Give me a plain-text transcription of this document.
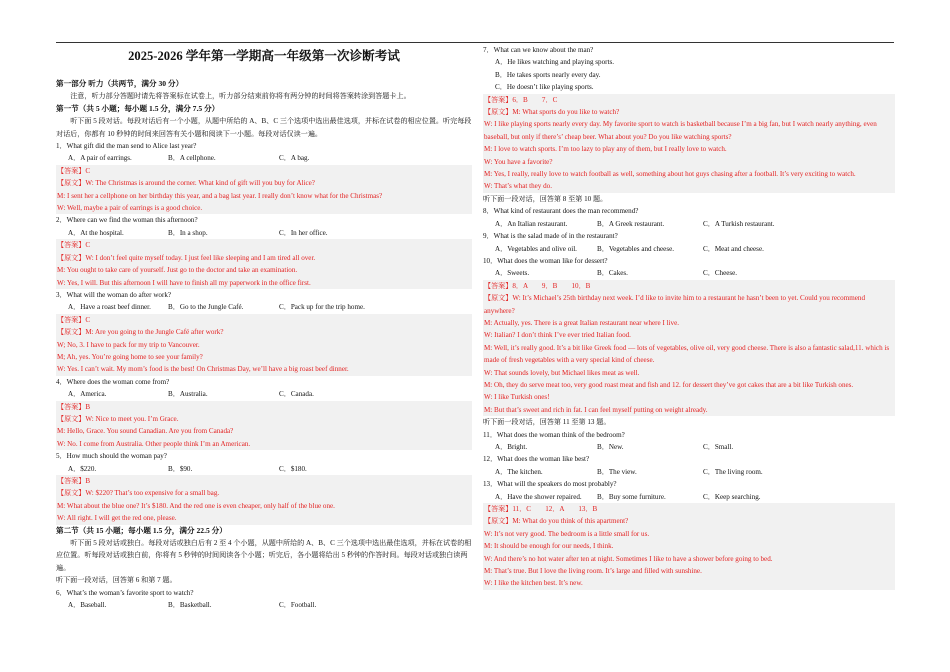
2025-2026 学年第一学期高一年级第一次诊断考试
第一部分 听力（共两节，满分 30 分）
注意，听力部分答题时请先将答案标在试卷上，听力部分结束前你将有两分钟的时间将答案转涂到答题卡上。
第一节（共 5 小题；每小题 1.5 分，满分 7.5 分）
听下面 5 段对话。每段对话后有一个小题，从题中所给的 A、B、C 三个选项中选出最佳选项，并标在试卷的相应位置。听完每段对话后，你都有 10 秒钟的时间来回答有关小题和阅读下一小题。每段对话仅读一遍。
1．What gift did the man send to Alice last year?
A．A pair of earrings.	B．A cellphone.	C．A bag.
【答案】C
【原文】W: The Christmas is around the corner. What kind of gift will you buy for Alice?
M: I sent her a cellphone on her birthday this year, and a bag last year. I really don’t know what for the Christmas?
W: Well, maybe a pair of earrings is a good choice.
2．Where can we find the woman this afternoon?
A．At the hospital.	B．In a shop.	C．In her office.
【答案】C
【原文】W: I don’t feel quite myself today. I just feel like sleeping and I am tired all over.
M: You ought to take care of yourself. Just go to the doctor and take an examination.
W: Yes, I will. But this afternoon I will have to finish all my paperwork in the office first.
3．What will the woman do after work?
A．Have a roast beef dinner.	B．Go to the Jungle Café.	C．Pack up for the trip home.
【答案】C
【原文】M: Are you going to the Jungle Café after work?
W; No, 3. I have to pack for my trip to Vancouver.
M; Ah, yes. You’re going home to see your family?
W: Yes. I can’t wait. My mom’s food is the best! On Christmas Day, we’ll have a big roast beef dinner.
4．Where does the woman come from?
A．America.	B．Australia.	C．Canada.
【答案】B
【原文】W: Nice to meet you. I’m Grace.
M: Hello, Grace. You sound Canadian. Are you from Canada?
W: No. I come from Australia. Other people think I’m an American.
5．How much should the woman pay?
A．$220.	B．$90.	C．$180.
【答案】B
【原文】W: $220? That’s too expensive for a small bag.
M: What about the blue one? It’s $180. And the red one is even cheaper, only half of the blue one.
W: All right. I will get the red one, please.
第二节（共 15 小题；每小题 1.5 分，满分 22.5 分）
听下面 5 段对话或独白。每段对话或独白后有 2 至 4 个小题，从题中所给的 A、B、C 三个选项中选出最佳选项，并标在试卷的相应位置。听每段对话或独白前，你将有 5 秒钟的时间阅读各个小题；听完后，各小题将给出 5 秒钟的作答时间。每段对话或独白读两遍。
听下面一段对话，回答第 6 和第 7 题。
6．What’s the woman’s favorite sport to watch?
A．Baseball.	B．Basketball.	C．Football.
7．What can we know about the man?
A．He likes watching and playing sports.
B．He takes sports nearly every day.
C．He doesn’t like playing sports.
【答案】6．B　　7．C
【原文】M: What sports do you like to watch?
W: I like playing sports nearly every day. My favorite sport to watch is basketball because I’m a big fan, but I watch nearly anything, even baseball, but only if there’s’ cheap beer. What about you? Do you like watching sports?
M: I love to watch sports. I’m too lazy to play any of them, but I really love to watch.
W: You have a favorite?
M: Yes, I really, really love to watch football as well, something about hot guys chasing after a football. It’s very exciting to watch.
W: That’s what they do.
听下面一段对话，回答第 8 至第 10 题。
8．What kind of restaurant does the man recommend?
A．An Italian restaurant.	B．A Greek restaurant.	C．A Turkish restaurant.
9．What is the salad made of in the restaurant?
A．Vegetables and olive oil.	B．Vegetables and cheese.	C．Meat and cheese.
10．What does the woman like for dessert?
A．Sweets.	B．Cakes.	C．Cheese.
【答案】8．A　　9．B　　10．B
【原文】W: It’s Michael’s 25th birthday next week. I’d like to invite him to a restaurant he hasn’t been to yet. Could you recommend anywhere?
M: Actually, yes. There is a great Italian restaurant near where I live.
W: Italian? I don’t think I’ve ever tried Italian food.
M: Well, it’s really good. It’s a bit like Greek food — lots of vegetables, olive oil, very good cheese. There is also a fantastic salad,11. which is made of fresh vegetables with a very special kind of cheese.
W: That sounds lovely, but Michael likes meat as well.
M: Oh, they do serve meat too, very good roast meat and fish and 12. for dessert they’ve got cakes that are a bit like Turkish ones.
W: I like Turkish ones!
M: But that’s sweet and rich in fat. I can feel myself putting on weight already.
听下面一段对话，回答第 11 至第 13 题。
11．What does the woman think of the bedroom?
A．Bright.	B．New.	C．Small.
12．What does the woman like best?
A．The kitchen.	B．The view.	C．The living room.
13．What will the speakers do most probably?
A．Have the shower repaired.	B．Buy some furniture.	C．Keep searching.
【答案】11．C　　12．A　　13．B
【原文】M: What do you think of this apartment?
W: It’s not very good. The bedroom is a little small for us.
M: It should be enough for our needs, I think.
W: And there’s no hot water after ten at night. Sometimes I like to have a shower before going to bed.
M: That’s true. But I love the living room. It’s large and filled with sunshine.
W: I like the kitchen best. It’s new.
